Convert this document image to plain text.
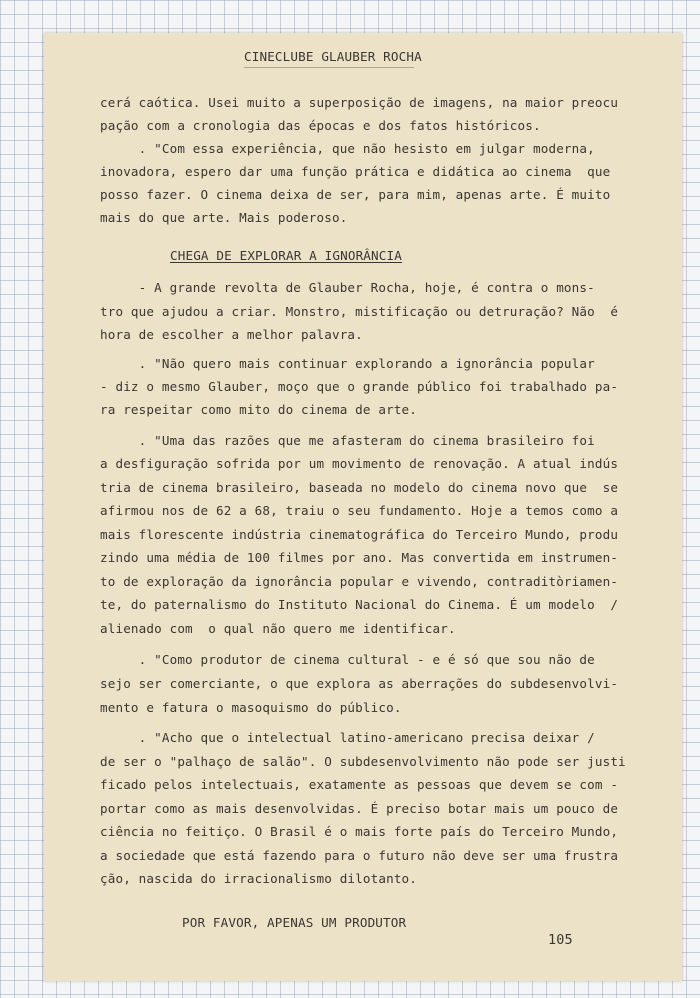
CINECLUBE GLAUBER ROCHA
cerá caótica. Usei muito a superposição de imagens, na maior preocu
pação com a cronologia das épocas e dos fatos históricos.
. "Com essa experiência, que não hesisto em julgar moderna,
inovadora, espero dar uma função prática e didática ao cinema  que
posso fazer. O cinema deixa de ser, para mim, apenas arte. É muito
mais do que arte. Mais poderoso.
CHEGA DE EXPLORAR A IGNORÂNCIA
- A grande revolta de Glauber Rocha, hoje, é contra o mons-
tro que ajudou a criar. Monstro, mistificação ou detruração? Não  é
hora de escolher a melhor palavra.
. "Não quero mais continuar explorando a ignorância popular
- diz o mesmo Glauber, moço que o grande público foi trabalhado pa-
ra respeitar como mito do cinema de arte.
. "Uma das razões que me afasteram do cinema brasileiro foi
a desfiguração sofrida por um movimento de renovação. A atual indús
tria de cinema brasileiro, baseada no modelo do cinema novo que  se
afirmou nos de 62 a 68, traiu o seu fundamento. Hoje a temos como a
mais florescente indústria cinematográfica do Terceiro Mundo, produ
zindo uma média de 100 filmes por ano. Mas convertida em instrumen-
to de exploração da ignorância popular e vivendo, contraditòriamen-
te, do paternalismo do Instituto Nacional do Cinema. É um modelo  /
alienado com  o qual não quero me identificar.
. "Como produtor de cinema cultural - e é só que sou não de
sejo ser comerciante, o que explora as aberrações do subdesenvolvi-
mento e fatura o masoquismo do público.
. "Acho que o intelectual latino-americano precisa deixar /
de ser o "palhaço de salão". O subdesenvolvimento não pode ser justi
ficado pelos intelectuais, exatamente as pessoas que devem se com -
portar como as mais desenvolvidas. É preciso botar mais um pouco de
ciência no feitiço. O Brasil é o mais forte país do Terceiro Mundo,
a sociedade que está fazendo para o futuro não deve ser uma frustra
ção, nascida do irracionalismo dilotanto.
POR FAVOR, APENAS UM PRODUTOR
105
